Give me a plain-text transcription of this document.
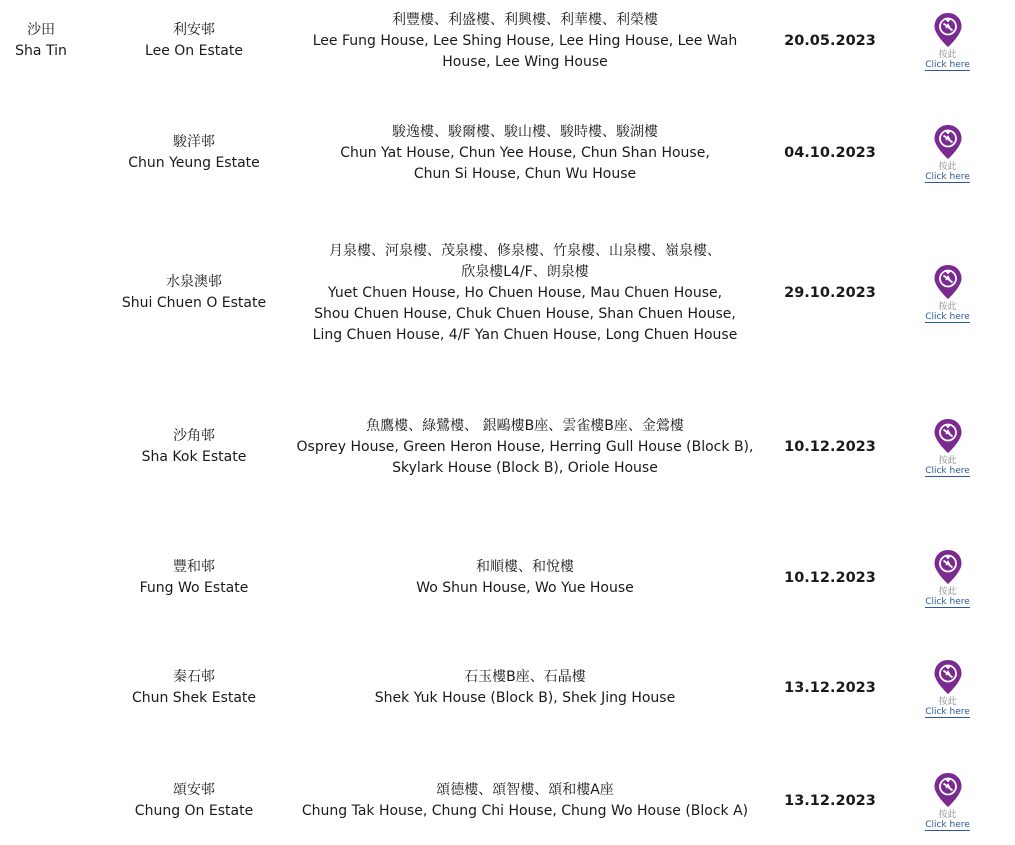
沙田
Sha Tin
利安邨
Lee On Estate
利豐樓、利盛樓、利興樓、利華樓、利榮樓
Lee Fung House, Lee Shing House, Lee Hing House, Lee Wah
House, Lee Wing House
20.05.2023
按此
Click here
駿洋邨
Chun Yeung Estate
駿逸樓、駿爾樓、駿山樓、駿時樓、駿湖樓
Chun Yat House, Chun Yee House, Chun Shan House,
Chun Si House, Chun Wu House
04.10.2023
按此
Click here
水泉澳邨
Shui Chuen O Estate
月泉樓、河泉樓、茂泉樓、修泉樓、竹泉樓、山泉樓、嶺泉樓、
欣泉樓L4/F、朗泉樓
Yuet Chuen House, Ho Chuen House, Mau Chuen House,
Shou Chuen House, Chuk Chuen House, Shan Chuen House,
Ling Chuen House, 4/F Yan Chuen House, Long Chuen House
29.10.2023
按此
Click here
沙角邨
Sha Kok Estate
魚鷹樓、綠鷺樓、 銀鷗樓B座、雲雀樓B座、金鶯樓
Osprey House, Green Heron House, Herring Gull House (Block B),
Skylark House (Block B), Oriole House
10.12.2023
按此
Click here
豐和邨
Fung Wo Estate
和順樓、和悅樓
Wo Shun House, Wo Yue House
10.12.2023
按此
Click here
秦石邨
Chun Shek Estate
石玉樓B座、石晶樓
Shek Yuk House (Block B), Shek Jing House
13.12.2023
按此
Click here
頌安邨
Chung On Estate
頌德樓、頌智樓、頌和樓A座
Chung Tak House, Chung Chi House, Chung Wo House (Block A)
13.12.2023
按此
Click here
